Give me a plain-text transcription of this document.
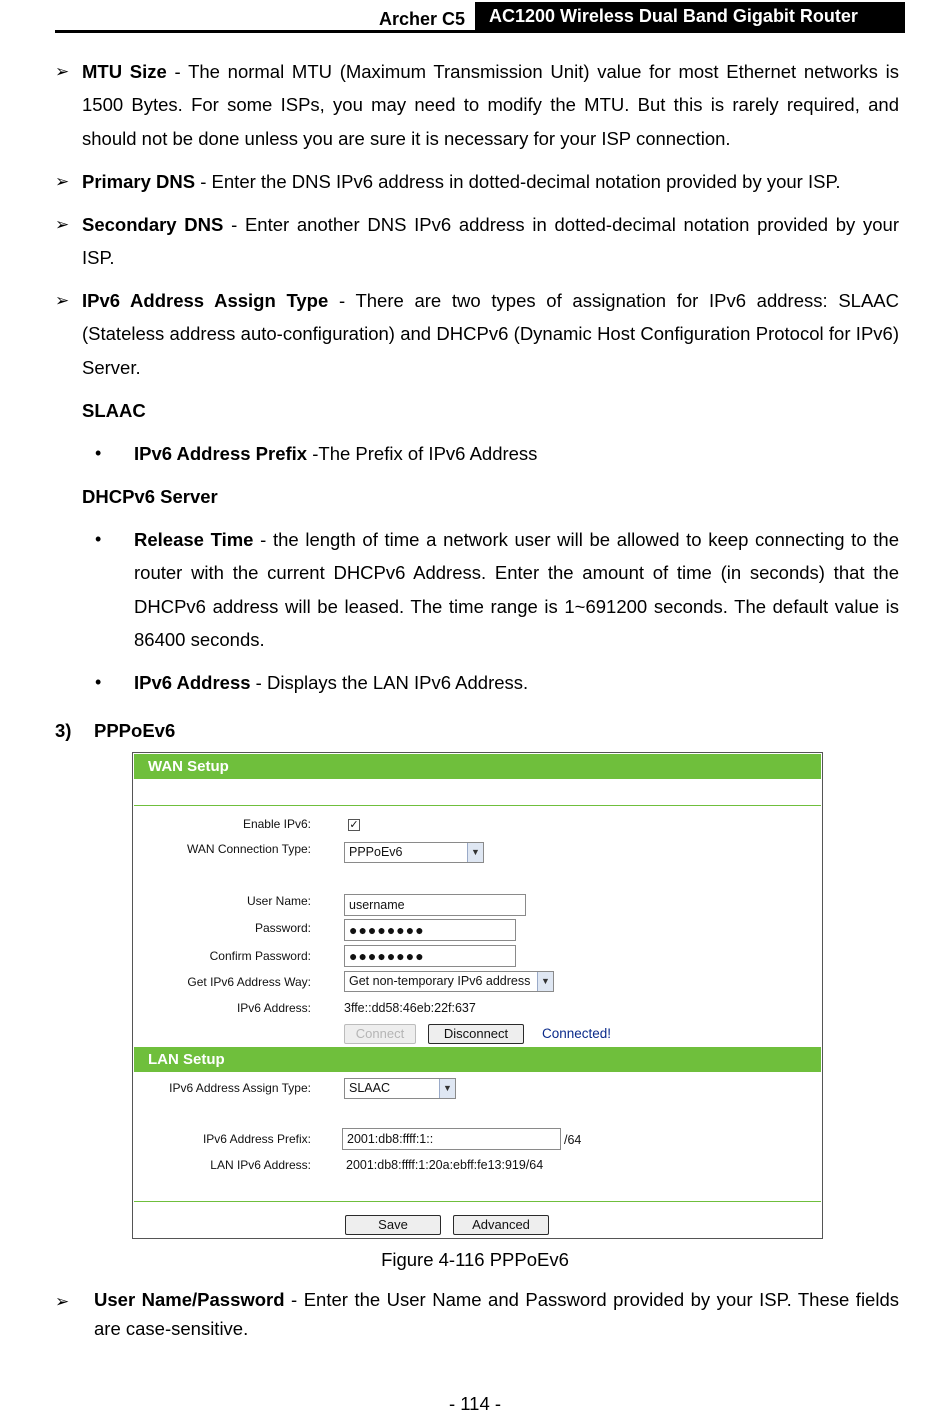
Archer C5	AC1200 Wireless Dual Band Gigabit Router
➢ MTU Size - The normal MTU (Maximum Transmission Unit) value for most Ethernet networks is 1500 Bytes. For some ISPs, you may need to modify the MTU. But this is rarely required, and should not be done unless you are sure it is necessary for your ISP connection.

➢ Primary DNS - Enter the DNS IPv6 address in dotted-decimal notation provided by your ISP.

➢ Secondary DNS - Enter another DNS IPv6 address in dotted-decimal notation provided by your ISP.

➢ IPv6 Address Assign Type - There are two types of assignation for IPv6 address: SLAAC (Stateless address auto-configuration) and DHCPv6 (Dynamic Host Configuration Protocol for IPv6) Server.

SLAAC

• IPv6 Address Prefix -The Prefix of IPv6 Address

DHCPv6 Server

• Release Time - the length of time a network user will be allowed to keep connecting to the router with the current DHCPv6 Address. Enter the amount of time (in seconds) that the DHCPv6 address will be leased. The time range is 1~691200 seconds. The default value is 86400 seconds.

• IPv6 Address - Displays the LAN IPv6 Address.

3) PPPoEv6

WAN Setup
Enable IPv6:	✓
WAN Connection Type:	PPPoEv6	▼
User Name:	username
Password:	●●●●●●●●
Confirm Password:	●●●●●●●●
Get IPv6 Address Way:	Get non-temporary IPv6 address	▼
IPv6 Address:	3ffe::dd58:46eb:22f:637
Connect	Disconnect	Connected!
LAN Setup
IPv6 Address Assign Type:	SLAAC	▼
IPv6 Address Prefix:	2001:db8:ffff:1::	/64
LAN IPv6 Address:	2001:db8:ffff:1:20a:ebff:fe13:919/64
Save	Advanced
Figure 4-116 PPPoEv6
➢ User Name/Password - Enter the User Name and Password provided by your ISP. These fields are case-sensitive.

- 114 -
